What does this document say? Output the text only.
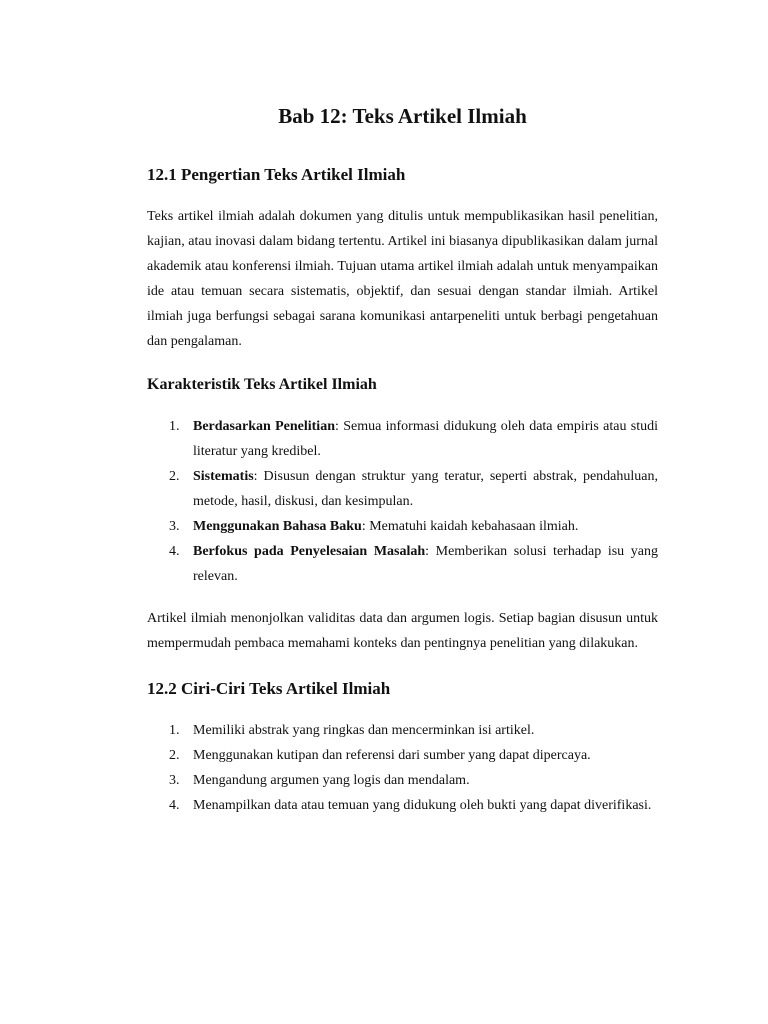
Bab 12: Teks Artikel Ilmiah
12.1 Pengertian Teks Artikel Ilmiah

Teks artikel ilmiah adalah dokumen yang ditulis untuk mempublikasikan hasil penelitian, kajian, atau inovasi dalam bidang tertentu. Artikel ini biasanya dipublikasikan dalam jurnal akademik atau konferensi ilmiah. Tujuan utama artikel ilmiah adalah untuk menyampaikan ide atau temuan secara sistematis, objektif, dan sesuai dengan standar ilmiah. Artikel ilmiah juga berfungsi sebagai sarana komunikasi antarpeneliti untuk berbagi pengetahuan dan pengalaman.

Karakteristik Teks Artikel Ilmiah
1. Berdasarkan Penelitian: Semua informasi didukung oleh data empiris atau studi literatur yang kredibel.
2. Sistematis: Disusun dengan struktur yang teratur, seperti abstrak, pendahuluan, metode, hasil, diskusi, dan kesimpulan.
3. Menggunakan Bahasa Baku: Mematuhi kaidah kebahasaan ilmiah.
4. Berfokus pada Penyelesaian Masalah: Memberikan solusi terhadap isu yang relevan.

Artikel ilmiah menonjolkan validitas data dan argumen logis. Setiap bagian disusun untuk mempermudah pembaca memahami konteks dan pentingnya penelitian yang dilakukan.

12.2 Ciri-Ciri Teks Artikel Ilmiah
1. Memiliki abstrak yang ringkas dan mencerminkan isi artikel.
2. Menggunakan kutipan dan referensi dari sumber yang dapat dipercaya.
3. Mengandung argumen yang logis dan mendalam.
4. Menampilkan data atau temuan yang didukung oleh bukti yang dapat diverifikasi.
